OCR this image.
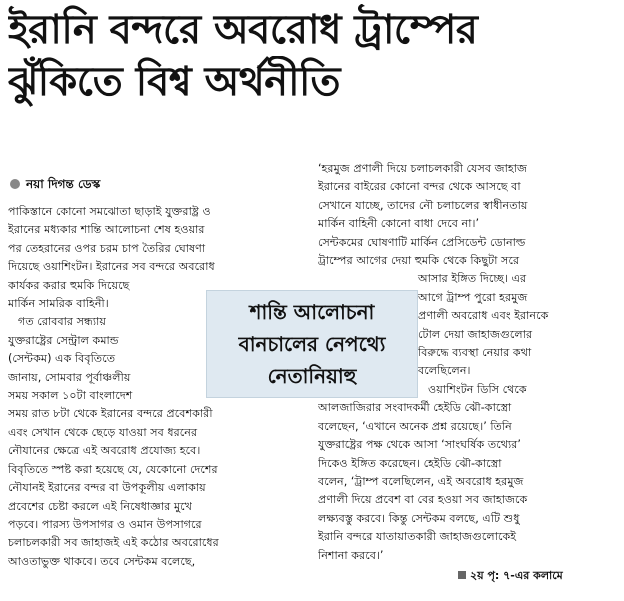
ইরানি বন্দরে অবরোধ ট্রাম্পের
ঝুঁকিতে বিশ্ব অর্থনীতি
নয়া দিগন্ত ডেস্ক
পাকিস্তানে কোনো সমঝোতা ছাড়াই যুক্তরাষ্ট্র ও
ইরানের মধ্যকার শান্তি আলোচনা শেষ হওয়ার
পর তেহরানের ওপর চরম চাপ তৈরির ঘোষণা
দিয়েছে ওয়াশিংটন। ইরানের সব বন্দরে অবরোধ
কার্যকর করার হুমকি দিয়েছে
মার্কিন সামরিক বাহিনী।
গত রোববার সন্ধ্যায়
যুক্তরাষ্ট্রের সেন্ট্রাল কমান্ড
(সেন্টকম) এক বিবৃতিতে
জানায়, সোমবার পূর্বাঞ্চলীয়
সময় সকাল ১০টা বাংলাদেশ
সময় রাত ৮টা থেকে ইরানের বন্দরে প্রবেশকারী
এবং সেখান থেকে ছেড়ে যাওয়া সব ধরনের
নৌযানের ক্ষেত্রে এই অবরোধ প্রযোজ্য হবে।
বিবৃতিতে স্পষ্ট করা হয়েছে যে, যেকোনো দেশের
নৌযানই ইরানের বন্দর বা উপকূলীয় এলাকায়
প্রবেশের চেষ্টা করলে এই নিষেধাজ্ঞার মুখে
পড়বে। পারস্য উপসাগর ও ওমান উপসাগরে
চলাচলকারী সব জাহাজই এই কঠোর অবরোধের
আওতাভুক্ত থাকবে। তবে সেন্টকম বলেছে,
‘হরমুজ প্রণালী দিয়ে চলাচলকারী যেসব জাহাজ
ইরানের বাইরের কোনো বন্দর থেকে আসছে বা
সেখানে যাচ্ছে, তাদের নৌ চলাচলের স্বাধীনতায়
মার্কিন বাহিনী কোনো বাধা দেবে না।’
সেন্টকমের ঘোষণাটি মার্কিন প্রেসিডেন্ট ডোনাল্ড
ট্রাম্পের আগের দেয়া হুমকি থেকে কিছুটা সরে
আসার ইঙ্গিত দিচ্ছে। এর
আগে ট্রাম্প পুরো হরমুজ
প্রণালী অবরোধ এবং ইরানকে
টোল দেয়া জাহাজগুলোর
বিরুদ্ধে ব্যবস্থা নেয়ার কথা
বলেছিলেন।
ওয়াশিংটন ডিসি থেকে
আলজাজিরার সংবাদকর্মী হেইডি ঝৌ-কাস্ত্রো
বলেছেন, ‘এখানে অনেক প্রশ্ন রয়েছে।’ তিনি
যুক্তরাষ্ট্রের পক্ষ থেকে আসা ‘সাংঘর্ষিক তথ্যের’
দিকেও ইঙ্গিত করেছেন। হেইডি ঝৌ-কাস্ত্রো
বলেন, ‘ট্রাম্প বলেছিলেন, এই অবরোধ হরমুজ
প্রণালী দিয়ে প্রবেশ বা বের হওয়া সব জাহাজকে
লক্ষ্যবস্তু করবে। কিন্তু সেন্টকম বলছে, এটি শুধু
ইরানি বন্দরে যাতায়াতকারী জাহাজগুলোকেই
নিশানা করবে।’
শান্তি আলোচনা
বানচালের নেপথ্যে
নেতানিয়াহু
২য় পৃ: ৭-এর কলামে
